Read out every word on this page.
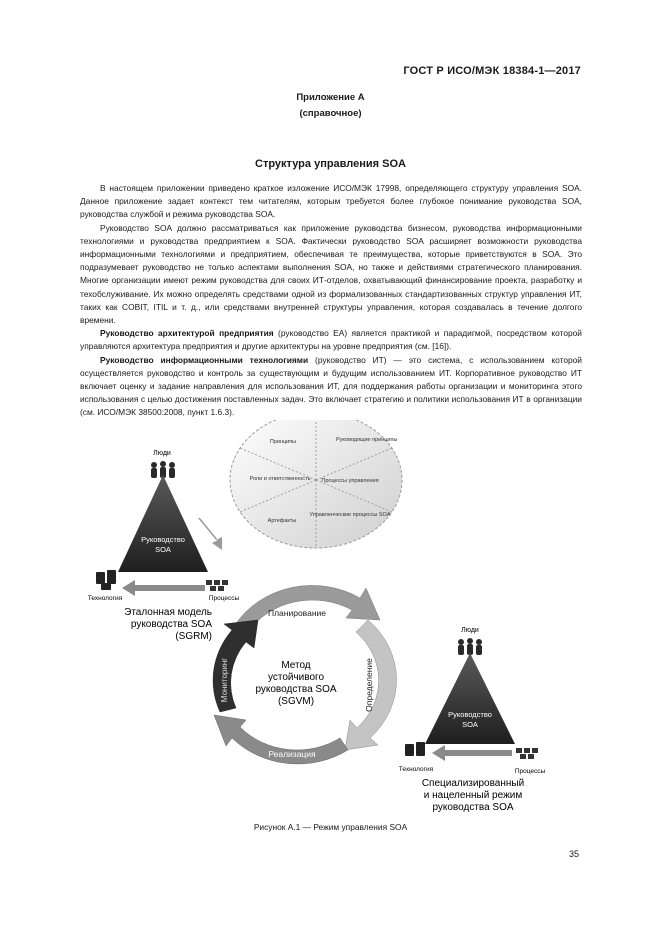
ГОСТ Р ИСО/МЭК 18384-1—2017
Приложение А
(справочное)
Структура управления SOA

В настоящем приложении приведено краткое изложение ИСО/МЭК 17998, определяющего структуру управления SOA. Данное приложение задает контекст тем читателям, которым требуется более глубокое понимание руководства SOA, руководства службой и режима руководства SOA.

Руководство SOA должно рассматриваться как приложение руководства бизнесом, руководства информационными технологиями и руководства предприятием к SOA. Фактически руководство SOA расширяет возможности руководства информационными технологиями и предприятием, обеспечивая те преимущества, которые приветствуются в SOA. Это подразумевает руководство не только аспектами выполнения SOA, но также и действиями стратегического планирования. Многие организации имеют режим руководства для своих ИТ-отделов, охватывающий финансирование проекта, разработку и техобслуживание. Их можно определять средствами одной из формализованных стандартизованных структур управления ИТ, таких как COBIT, ITIL и т. д., или средствами внутренней структуры управления, которая создавалась в течение долгого времени.

Руководство архитектурой предприятия (руководство ЕА) является практикой и парадигмой, посредством которой управляются архитектура предприятия и другие архитектуры на уровне предприятия (см. [16]).

Руководство информационными технологиями (руководство ИТ) — это система, с использованием которой осуществляется руководство и контроль за существующим и будущим использованием ИТ. Корпоративное руководство ИТ включает оценку и задание направления для использования ИТ, для поддержания работы организации и мониторинга этого использования с целью достижения поставленных задач. Это включает стратегию и политики использования ИТ в организации (см. ИСО/МЭК 38500:2008, пункт 1.6.3).

Принципы	Руководящие принципы
Процессы управления
Управленческие процессы SOA
Артефакты
Роли и ответственность
Люди
Руководство
SOA
Технология	Процессы
Эталонная модель
руководства SOA
(SGRM)
Планирование
Определение
Реализация
Мониторинг	Метод
устойчивого
руководства SOA
(SGVM)
Люди
Руководство
SOA
Технология	Процессы
Специализированный
и нацеленный режим
руководства SOA
Рисунок А.1 — Режим управления SOA
35
